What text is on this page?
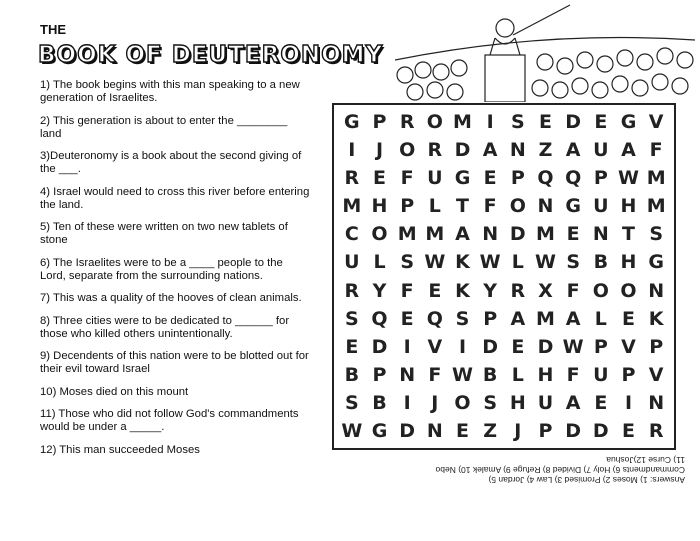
THE
BOOK OF DEUTERONOMY
1) The book begins with this man speaking to a new generation of Israelites.
2) This generation is about to enter the ________ land
3)Deuteronomy is a book about the second giving of the ___.
4) Israel would need to cross this river before entering the land.
5) Ten of these were written on two new tablets of stone
6) The Israelites were to be a ____ people to the Lord, separate from the surrounding nations.
7) This was a quality of the hooves of clean animals.
8) Three cities were to be dedicated to ______ for those who killed others unintentionally.
9) Decendents of this nation were to be blotted out for their evil toward Israel
10) Moses died on this mount
11) Those who did not follow God's commandments would be under a _____.
12) This man succeeded Moses
G P R O M I S E D E G V
I	J O R D A N Z A U A F
R E F U G E P Q Q P W M
M H P L T F O N G U H M
C O M M A N D M E N T S
U L S W K W L W S B H G
R Y F E K Y R X F O O N
S Q E Q S P A M A L E K
E D I V I D E D W P V P
B P N F W B L H F U P V
S B I	J O S H U A E I N
W G D N E Z J P D D E R
Answers: 1) Moses 2) Promised 3) Law 4) Jordan 5) Commandments 6) Holy 7) Divided 8) Refuge 9) Amalek 10) Nebo 11) Curse 12)Joshua
